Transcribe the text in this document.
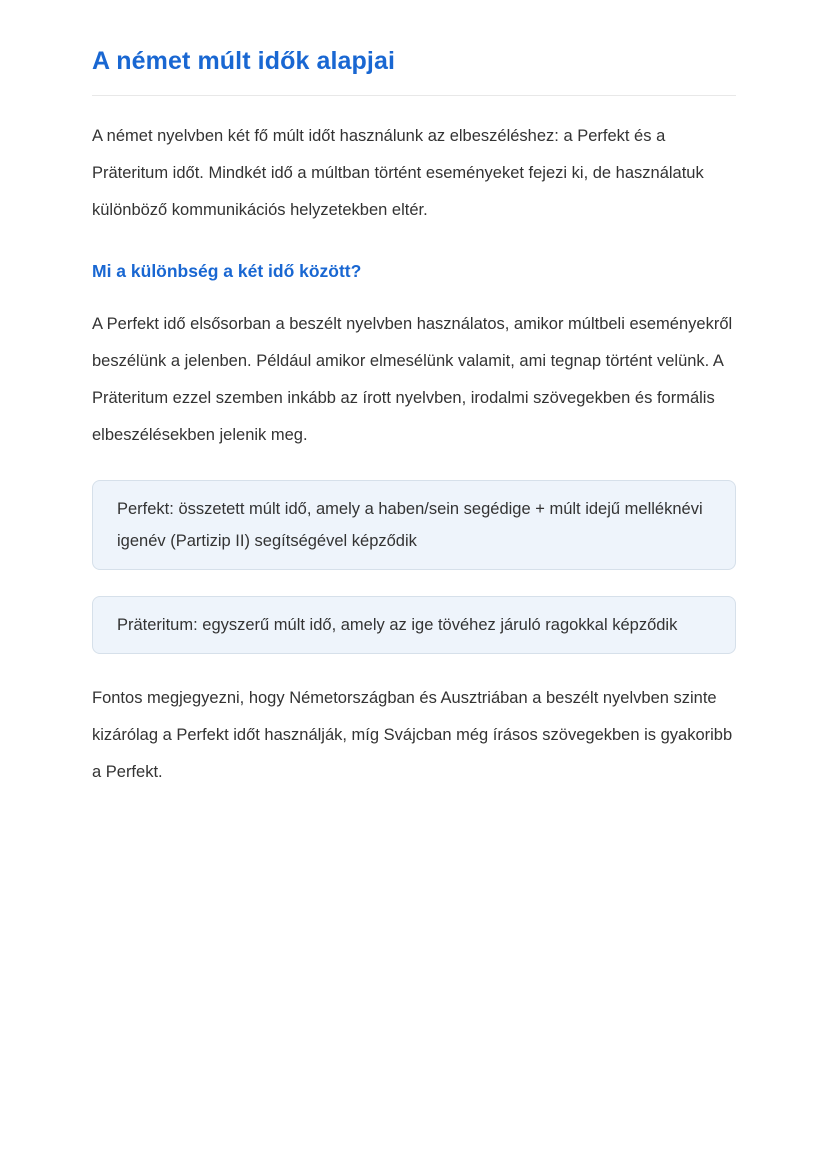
A német múlt idők alapjai

A német nyelvben két fő múlt időt használunk az elbeszéléshez: a Perfekt és a Präteritum időt. Mindkét idő a múltban történt eseményeket fejezi ki, de használatuk különböző kommunikációs helyzetekben eltér.

Mi a különbség a két idő között?

A Perfekt idő elsősorban a beszélt nyelvben használatos, amikor múltbeli eseményekről beszélünk a jelenben. Például amikor elmesélünk valamit, ami tegnap történt velünk. A Präteritum ezzel szemben inkább az írott nyelvben, irodalmi szövegekben és formális elbeszélésekben jelenik meg.

Perfekt: összetett múlt idő, amely a haben/sein segédige + múlt idejű melléknévi igenév (Partizip II) segítségével képződik
Präteritum: egyszerű múlt idő, amely az ige tövéhez járuló ragokkal képződik

Fontos megjegyezni, hogy Németországban és Ausztriában a beszélt nyelvben szinte kizárólag a Perfekt időt használják, míg Svájcban még írásos szövegekben is gyakoribb a Perfekt.
